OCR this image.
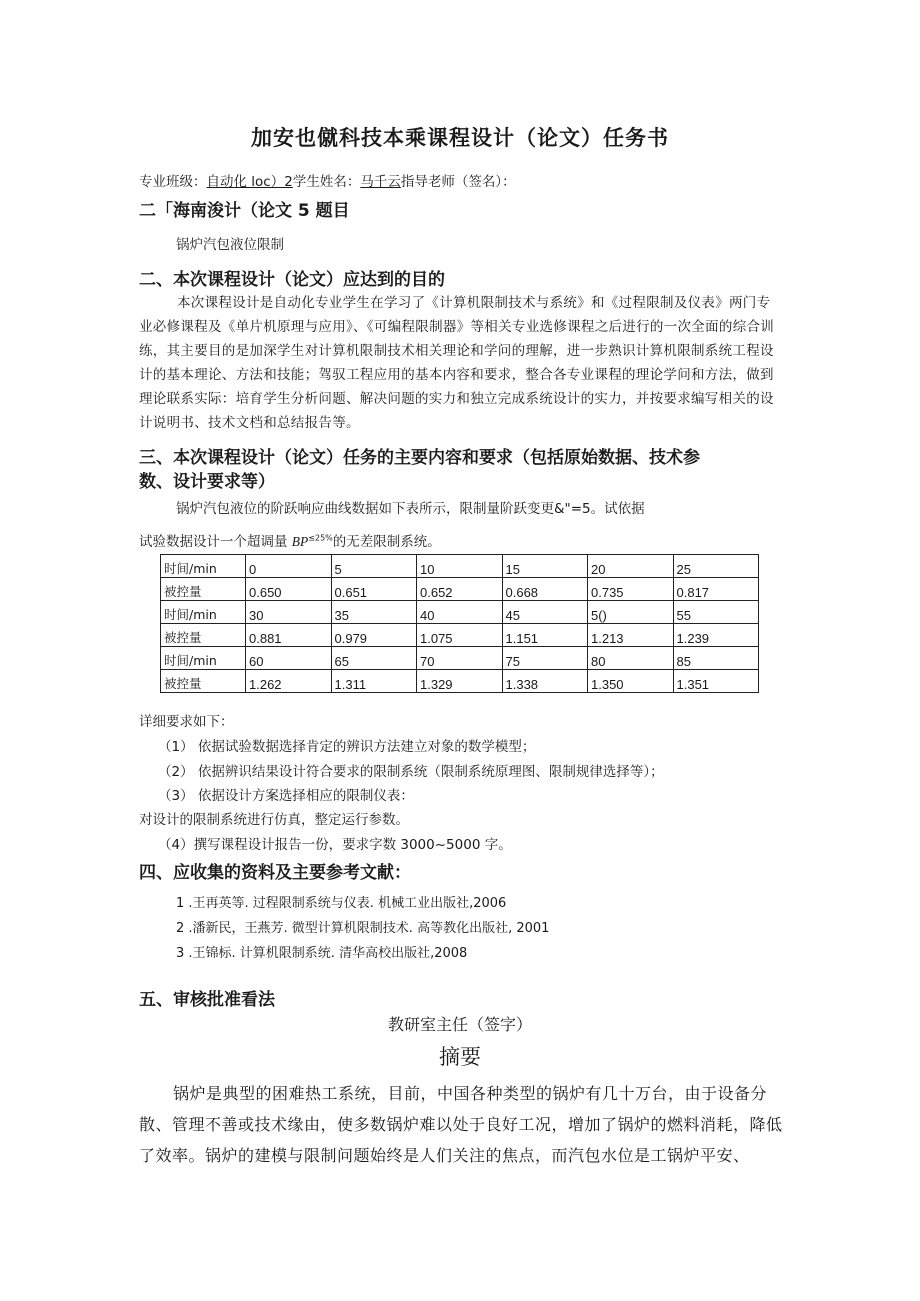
加安也僦科技本乘课程设计（论文）任务书
专业班级：自动化 loc）2学生姓名：马千云指导老师（签名）：
二「海南浚计（论文 5 题目
锅炉汽包液位限制
二、本次课程设计（论文）应达到的目的
本次课程设计是自动化专业学生在学习了《计算机限制技术与系统》和《过程限制及仪表》两门专业必修课程及《单片机原理与应用》、《可编程限制器》等相关专业选修课程之后进行的一次全面的综合训练，其主要目的是加深学生对计算机限制技术相关理论和学问的理解，进一步熟识计算机限制系统工程设计的基本理论、方法和技能；驾驭工程应用的基本内容和要求，整合各专业课程的理论学问和方法，做到理论联系实际：培育学生分析问题、解决问题的实力和独立完成系统设计的实力，并按要求编写相关的设计说明书、技术文档和总结报告等。
三、本次课程设计（论文）任务的主要内容和要求（包括原始数据、技术参
数、设计要求等）
锅炉汽包液位的阶跃响应曲线数据如下表所示，限制量阶跃变更&"=5。试依据
试验数据设计一个超调量 $BP^{\le 25\%}$的无差限制系统。
时间/min	0	5	10	15	20	25
被控量	0.650	0.651	0.652	0.668	0.735	0.817
时间/min	30	35	40	45	5()	55
被控量	0.881	0.979	1.075	1.151	1.213	1.239
时间/min	60	65	70	75	80	85
被控量	1.262	1.311	1.329	1.338	1.350	1.351
详细要求如下：
（1） 依据试验数据选择肯定的辨识方法建立对象的数学模型；
（2） 依据辨识结果设计符合要求的限制系统（限制系统原理图、限制规律选择等）；
（3） 依据设计方案选择相应的限制仪表：
对设计的限制系统进行仿真，整定运行参数。
（4）撰写课程设计报告一份，要求字数 3000~5000 字。
四、应收集的资料及主要参考文献：
1 .王再英等. 过程限制系统与仪表. 机械工业出版社,2006
2 .潘新民，王燕芳. 微型计算机限制技术. 高等教化出版社, 2001
3 .王锦标. 计算机限制系统. 清华高校出版社,2008
五、审核批准看法
教研室主任（签字）
摘要
锅炉是典型的困难热工系统，目前，中国各种类型的锅炉有几十万台，由于设备分散、管理不善或技术缘由，使多数锅炉难以处于良好工况，增加了锅炉的燃料消耗，降低了效率。锅炉的建模与限制问题始终是人们关注的焦点，而汽包水位是工锅炉平安、
